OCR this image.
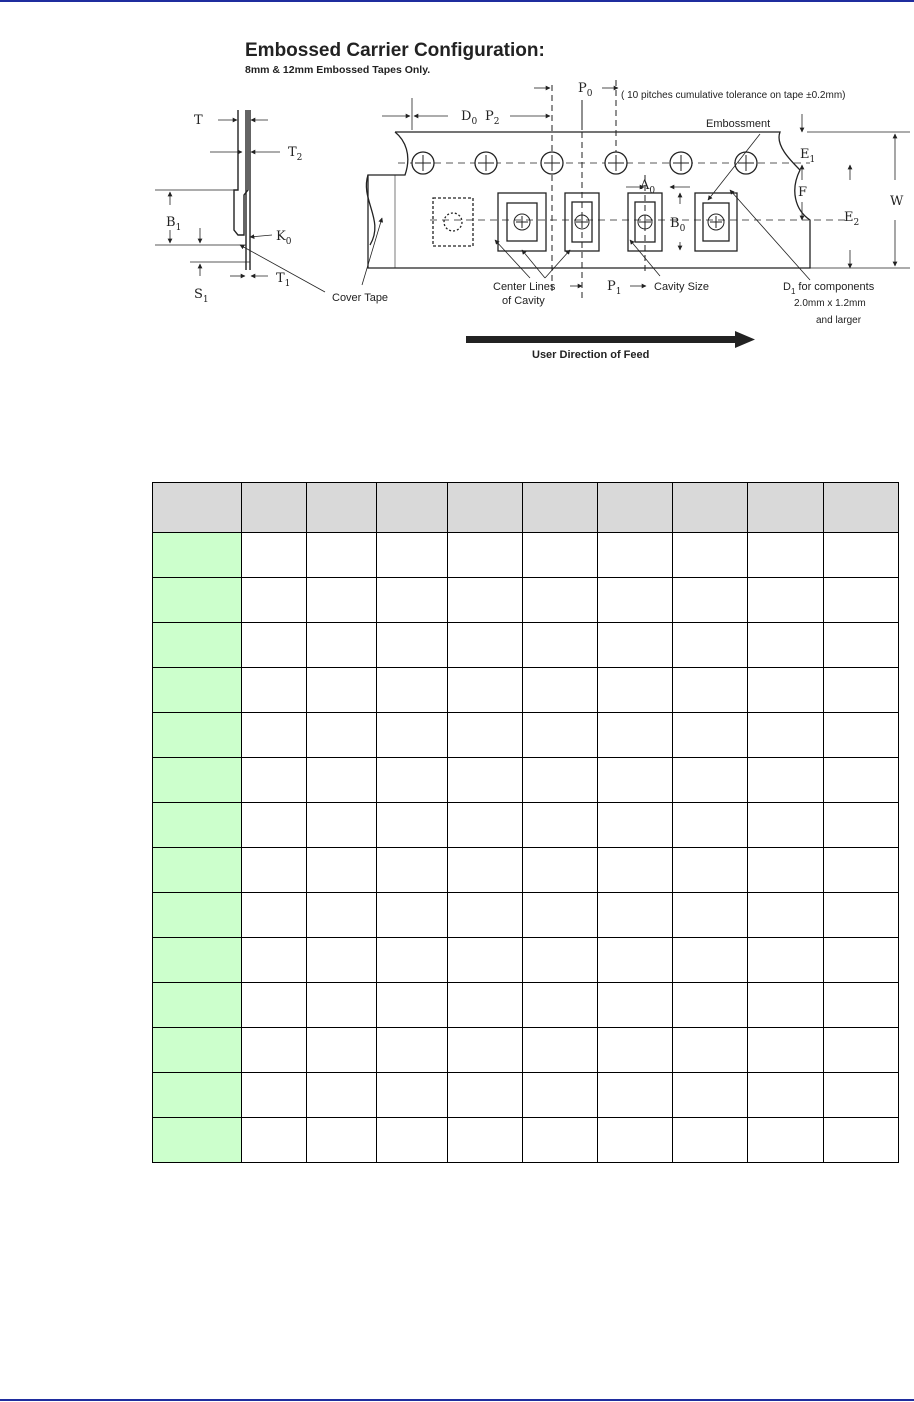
Embossed Carrier Configuration:
8mm & 12mm Embossed Tapes Only.
T
$T_2$
$B_1$
$K_0$
$S_1$
$T_1$
Cover Tape
$D_0$ $P_2$
$P_0$	( 10 pitches cumulative tolerance on tape ±0.2mm)
Embossment
$E_1$
F
$E_2$
W
$A_0$
$B_0$
$P_1$
Center Lines
of Cavity
Cavity Size	$D_1$ for components
2.0mm x 1.2mm
and larger
User Direction of Feed
